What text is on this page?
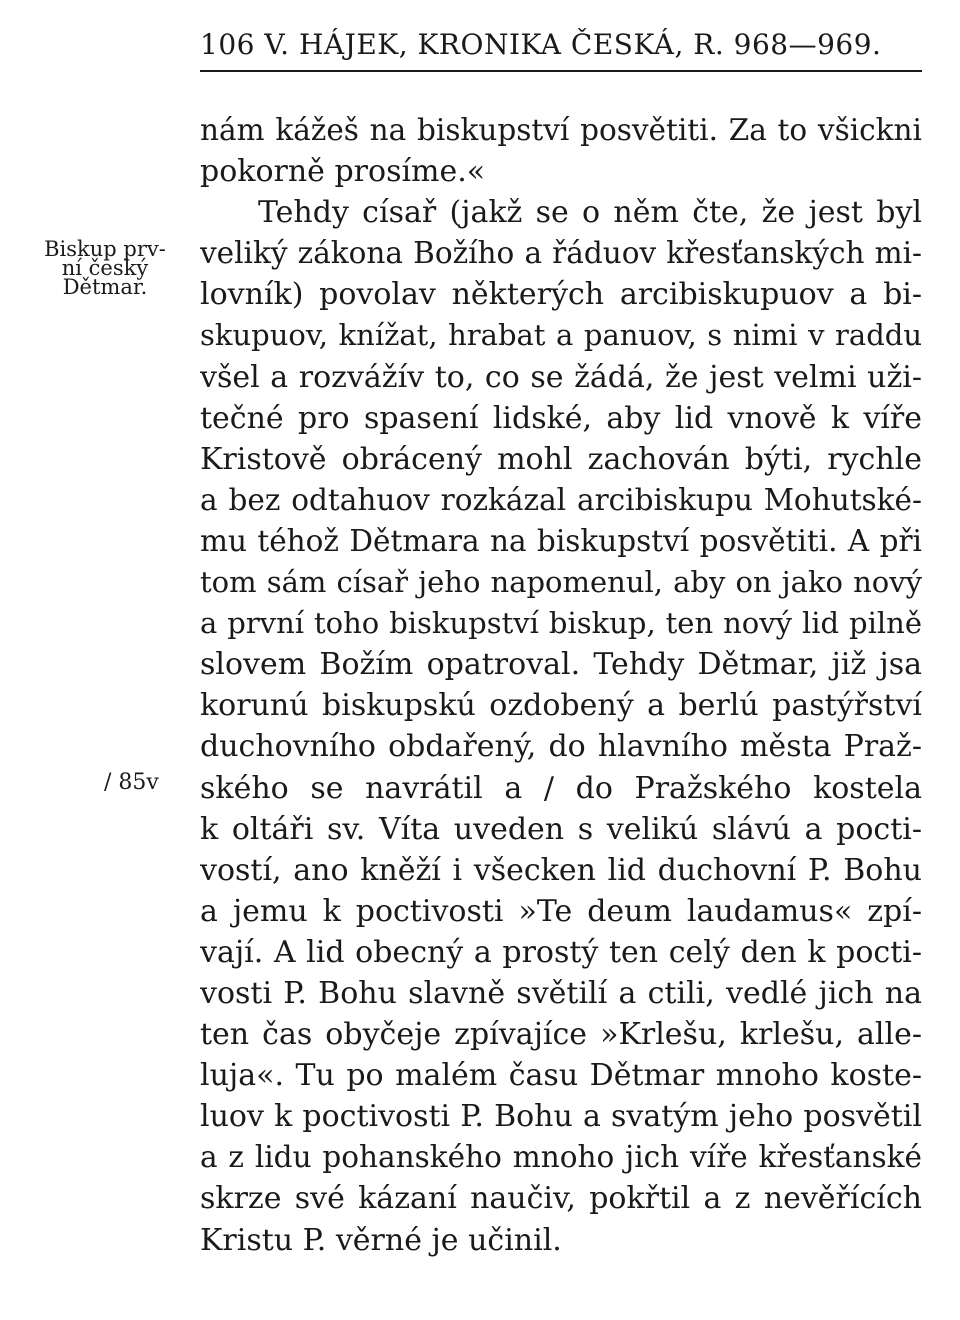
106 V. HÁJEK, KRONIKA ČESKÁ, R. 968—969.
Biskup prv-
ní český
Dětmar.
/ 85v
nám kážeš na biskupství posvětiti. Za to všickni
pokorně prosíme.«
Tehdy císař (jakž se o něm čte, že jest byl
veliký zákona Božího a řáduov křesťanských mi-
lovník) povolav některých arcibiskupuov a bi-
skupuov, knížat, hrabat a panuov, s nimi v raddu
všel a rozvážív to, co se žádá, že jest velmi uži-
tečné pro spasení lidské, aby lid vnově k víře
Kristově obrácený mohl zachován býti, rychle
a bez odtahuov rozkázal arcibiskupu Mohutské-
mu téhož Dětmara na biskupství posvětiti. A při
tom sám císař jeho napomenul, aby on jako nový
a první toho biskupství biskup, ten nový lid pilně
slovem Božím opatroval. Tehdy Dětmar, již jsa
korunú biskupskú ozdobený a berlú pastýřství
duchovního obdařený, do hlavního města Praž-
ského se navrátil a / do Pražského kostela
k oltáři sv. Víta uveden s velikú slávú a pocti-
vostí, ano kněží i všecken lid duchovní P. Bohu
a jemu k poctivosti »Te deum laudamus« zpí-
vají. A lid obecný a prostý ten celý den k pocti-
vosti P. Bohu slavně světilí a ctili, vedlé jich na
ten čas obyčeje zpívajíce »Krlešu, krlešu, alle-
luja«. Tu po malém času Dětmar mnoho koste-
luov k poctivosti P. Bohu a svatým jeho posvětil
a z lidu pohanského mnoho jich víře křesťanské
skrze své kázaní naučiv, pokřtil a z nevěřících
Kristu P. věrné je učinil.
